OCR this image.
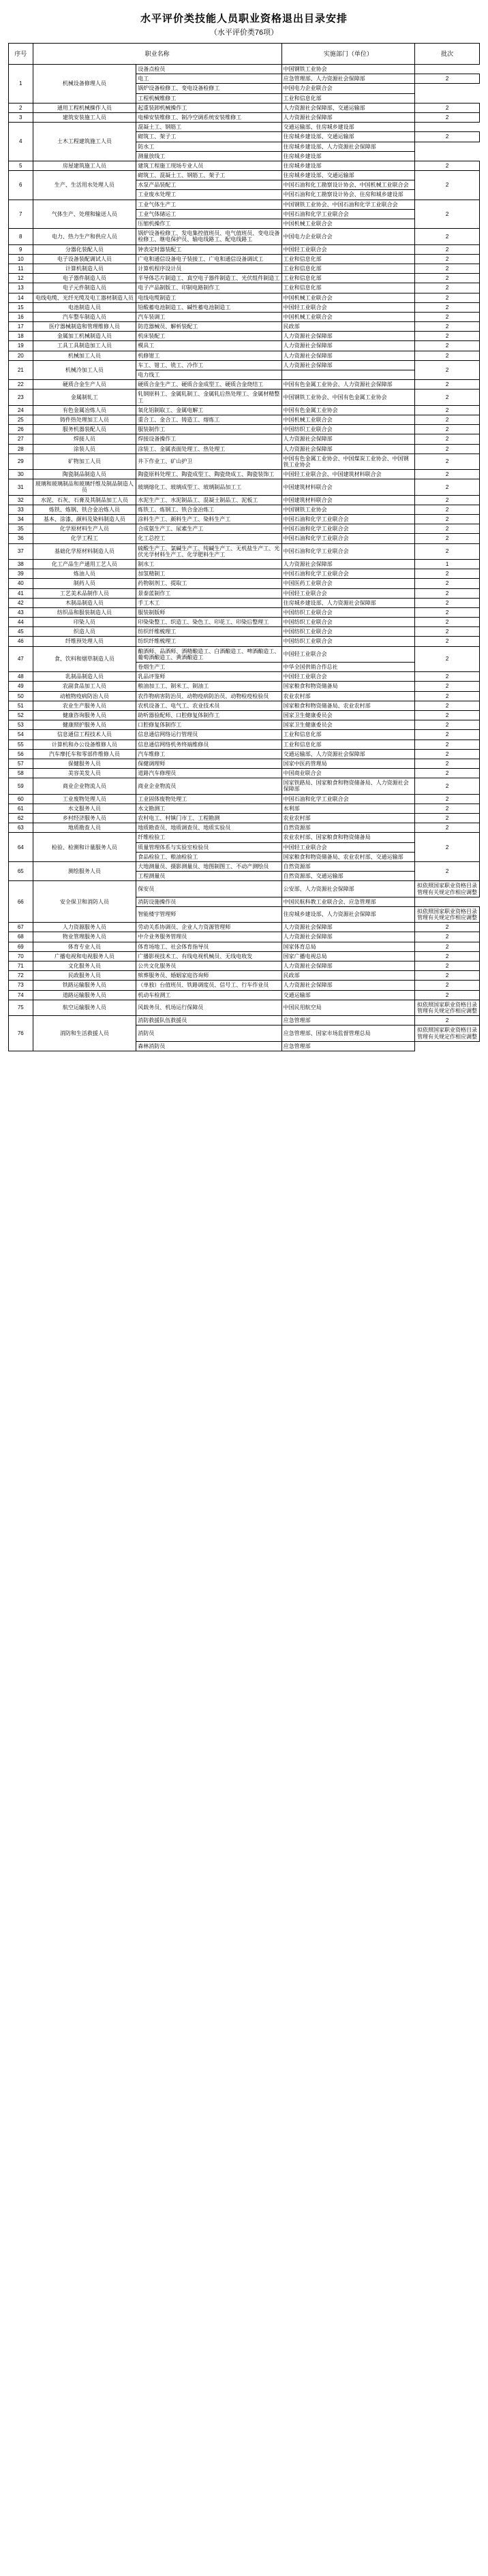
水平评价类技能人员职业资格退出目录安排
（水平评价类76项）
序号	职业名称		实施部门（单位）	批次
1	机械设备修理人员	设备点检员	中国钢铁工业协会	
		电工	应急管理部、人力资源社会保障部	2
		锅炉设备检修工、变电设备检修工	中国电力企业联合会	
		工程机械维修工	工业和信息化部	
2	通用工程机械操作人员	起重装卸机械操作工	人力资源社会保障部、交通运输部	2
3	建筑安装施工人员	电梯安装维修工、制冷空调系统安装维修工	人力资源社会保障部	2
4	土木工程建筑施工人员	混凝土工、钢筋工	交通运输部、住房城乡建设部	
		砌筑工、架子工	住房城乡建设部、交通运输部	2
		防水工	住房城乡建设部、人力资源社会保障部	
		测量放线工	住房城乡建设部	
5	房屋建筑施工人员	建筑工程施工现场专业人员	住房城乡建设部	2
6	生产、生活用水处理人员	砌筑工、混凝土工、钢筋工、架子工	住房城乡建设部、交通运输部	2
		水泵产品装配工	中国石油和化工勘察设计协会、中国机械工业联合会	
		工业废水处理工	中国石油和化工勘察设计协会、住房和城乡建设部	
7	气体生产、处理和输送人员	工业气体生产工	中国钢铁工业协会、中国石油和化学工业联合会	2
		工业气体储运工	中国石油和化学工业联合会	
		压缩机操作工	中国机械工业联合会	
8	电力、热力生产和供应人员	锅炉设备检修工、发电集控值班员、电气值班员、变电设备检修工、继电保护员、输电线路工、配电线路工	中国电力企业联合会	2
9	分器化装配人员	钟表定时器装配工	中国轻工业联合会	2
10	电子设备装配调试人员	广电和通信设备电子装接工、广电和通信设备调试工	工业和信息化部	2
11	计算机制造人员	计算机程序设计员	工业和信息化部	2
12	电子器件制造人员	半导体芯片制造工、真空电子器件制造工、光伏组件制造工	工业和信息化部	2
13	电子元件制造人员	电子产品制版工、印制电路制作工	工业和信息化部	2
14	电线电缆、光纤光缆及电工器材制造人员	电线电缆制造工	中国机械工业联合会	2
15	电池制造人员	铅酸蓄电池制造工、碱性蓄电池制造工	中国轻工业联合会	2
16	汽车整车制造人员	汽车装调工	中国机械工业联合会	2
17	医疗器械制造和管理维修人员	防范器械员、解析装配工	民政部	2
18	金属加工机械制造人员	机床装配工	人力资源社会保障部	2
19	工具工具制造加工人员	模具工	人力资源社会保障部	2
20	机械加工人员	机修钳工	人力资源社会保障部	2
21	机械冷加工人员	车工、钳工、铣工、冷作工	人力资源社会保障部	2
		电力线工		
22	硬质合金生产人员	硬质合金生产工、硬质合金成型工、硬质合金烧结工	中国有色金属工业协会、人力资源社会保障部	2
23	金属制轧工	轧钢原料工、金属轧制工、金属轧后热处理工、金属材精整工	中国钢铁工业协会、中国有色金属工业协会	2
24	有色金属冶炼人员	氧化铝制取工、金属电解工	中国有色金属工业协会	2
25	铸件热处理加工人员	重合工、金合工、铸造工、熔炼工	中国机械工业联合会	2
26	服务机器装配人员	服装制作工	中国纺织工业联合会	2
27	焊接人员	焊接设备操作工	人力资源社会保障部	2
28	涂装人员	涂装工、金属表面处理工、热处理工	人力资源社会保障部	2
29	矿物加工人员	井下作业工、矿山护卫	中国有色金属工业协会、中国煤炭工业协会、中国钢铁工业协会	2
30	陶瓷制品制造人员	陶瓷原料处理工、陶瓷成型工、陶瓷烧成工、陶瓷装饰工	中国轻工业联合会、中国建筑材料联合会	2
31	玻璃和玻璃制品和玻璃纤维及制品制造人员	玻璃熔化工、玻璃成型工、玻璃制品加工工	中国建筑材料联合会	2
32	水泥、石灰、石膏及其制品加工人员	水泥生产工、水泥制品工、混凝土制品工、泥板工	中国建筑材料联合会	2
33	炼铁、炼钢、铁合金冶炼人员	炼铁工、炼钢工、铁合金冶炼工	中国钢铁工业协会	2
34	基本、涂漆、颜料及染料制造人员	涂料生产工、颜料生产工、染料生产工	中国石油和化学工业联合会	2
35	化学原材料生产人员	合成氨生产工、尿素生产工	中国石油和化学工业联合会	2
36	化学工程工	化工总控工	中国石油和化学工业联合会	2
37	基础化学原材料制造人员	硫酸生产工、氯碱生产工、纯碱生产工、无机盐生产工、光伏光学材料生产工、化学肥料生产工	中国石油和化学工业联合会	2
38	化工产品生产通用工艺人员	制水工	人力资源社会保障部	1
39	炼油人员	加氢精制工	中国石油和化学工业联合会	2
40	制药人员	药物制剂工、提取工	中国医药工业联合会	2
41	工艺美术品制作人员	景泰蓝制作工	中国轻工业联合会	2
42	木制品制造人员	手工木工	住房城乡建设部、人力资源社会保障部	2
43	纺织品和服装制造人员	服装制版师	中国纺织工业联合会	2
44	印染人员	印染染整工、织造工、染色工、印花工、印染后整理工	中国纺织工业联合会	2
45	织造人员	纺织纤维梳理工	中国纺织工业联合会	2
46	纤维预处理人员	纺织纤维梳理工	中国纺织工业联合会	2
47	食、饮料和烟草制造人员	酿酒师、品酒师、酒精酿造工、白酒酿造工、啤酒酿造工、葡萄酒酿造工、黄酒酿造工	中国轻工业联合会	2
		卷烟生产工	中华全国供销合作总社	
48	乳制品制造人员	乳品评鉴师	中国轻工业联合会	2
49	农副食品加工人员	粮油加工工、制米工、制油工	国家粮食和物资储备局	2
50	动植物疫病防治人员	农作物病害防治员、动物疫病防治员、动物检疫检验员	农业农村部	2
51	农业生产服务人员	农机设备工、电气工、农业技术员	国家粮食和物资储备局、农业农村部	2
52	健康咨询服务人员	助听器验配师、口腔修复体制作工	国家卫生健康委员会	2
53	健康照护服务人员	口腔修复体制作工	国家卫生健康委员会	2
54	信息通信工程技术人员	信息通信网络运行管理员	工业和信息化部	2
55	计算机和办公设备维修人员	信息通信网络机务终端维修员	工业和信息化部	2
56	汽车摩托车和零部件维修人员	汽车维修工	交通运输部、人力资源社会保障部	2
57	保健服务人员	保健调理师	国家中医药管理局	2
58	美容美发人员	道路汽车修理员	中国商业联合会	2
59	商业企业物流人员	商业企业物流员	国家铁路局、国家粮食和物资储备局、人力资源社会保障部	2
60	工业废物处理人员	工业固体废物处理工	中国石油和化学工业联合会	2
61	水文服务人员	水文勘测工	水利部	2
62	乡村经济服务人员	农村电工、村镇门市工、工程勘测	农业农村部	2
63	地质勘查人员	地质勘查员、地质调查员、地质实验员	自然资源部	2
64	检验、检测和计量服务人员	纤维检验工	农业农村部、国家粮食和物资储备局	2
		质量管理体系与实验室检验员	中国轻工业联合会	
		食品检验工、粮油检验工	国家粮食和物资储备局、农业农村部、交通运输部	
65	测绘服务人员	大地测量员、摄影测量员、地图制图工、不动产测绘员	自然资源部	2
		工程测量员	自然资源部、交通运输部	
66	安全保卫和消防人员	保安员	公安部、人力资源社会保障部	拟依照国家职业资格目录管理有关规定作相应调整
		消防设施操作员	中国民航科教工业联合会、应急管理部	
		智能楼宇管理师	住房城乡建设部、人力资源社会保障部	拟依照国家职业资格目录管理有关规定作相应调整
67	人力资源服务人员	劳动关系协调员、企业人力资源管理师	人力资源社会保障部	2
68	物业管理服务人员	中介业务服务管理员	人力资源社会保障部	2
69	体育专业人员	体育场地工、社会体育指导员	国家体育总局	2
70	广播电视和电视服务人员	广播影视技术工、有线电视机械员、无线电收发	国家广播电视总局	2
71	文化服务人员	公共文化服务员	人力资源社会保障部	2
72	民政服务人员	殡葬服务员、婚姻家庭咨询师	民政部	2
73	铁路运输服务人员	（单独）台值班员、铁路调度员、信号工、行车作业员	人力资源社会保障部	2
74	道路运输服务人员	机动车检测工	交通运输部	2
75	航空运输服务人员	风载务员、机场运行保障员	中国民用航空局	拟依照国家职业资格目录管理有关规定作相应调整
76	消防和生活救援人员	消防救援队伍救援员	应急管理部	2
		消防员	应急管理部、国家市场监督管理总局	拟依照国家职业资格目录管理有关规定作相应调整
		森林消防员	应急管理部	
